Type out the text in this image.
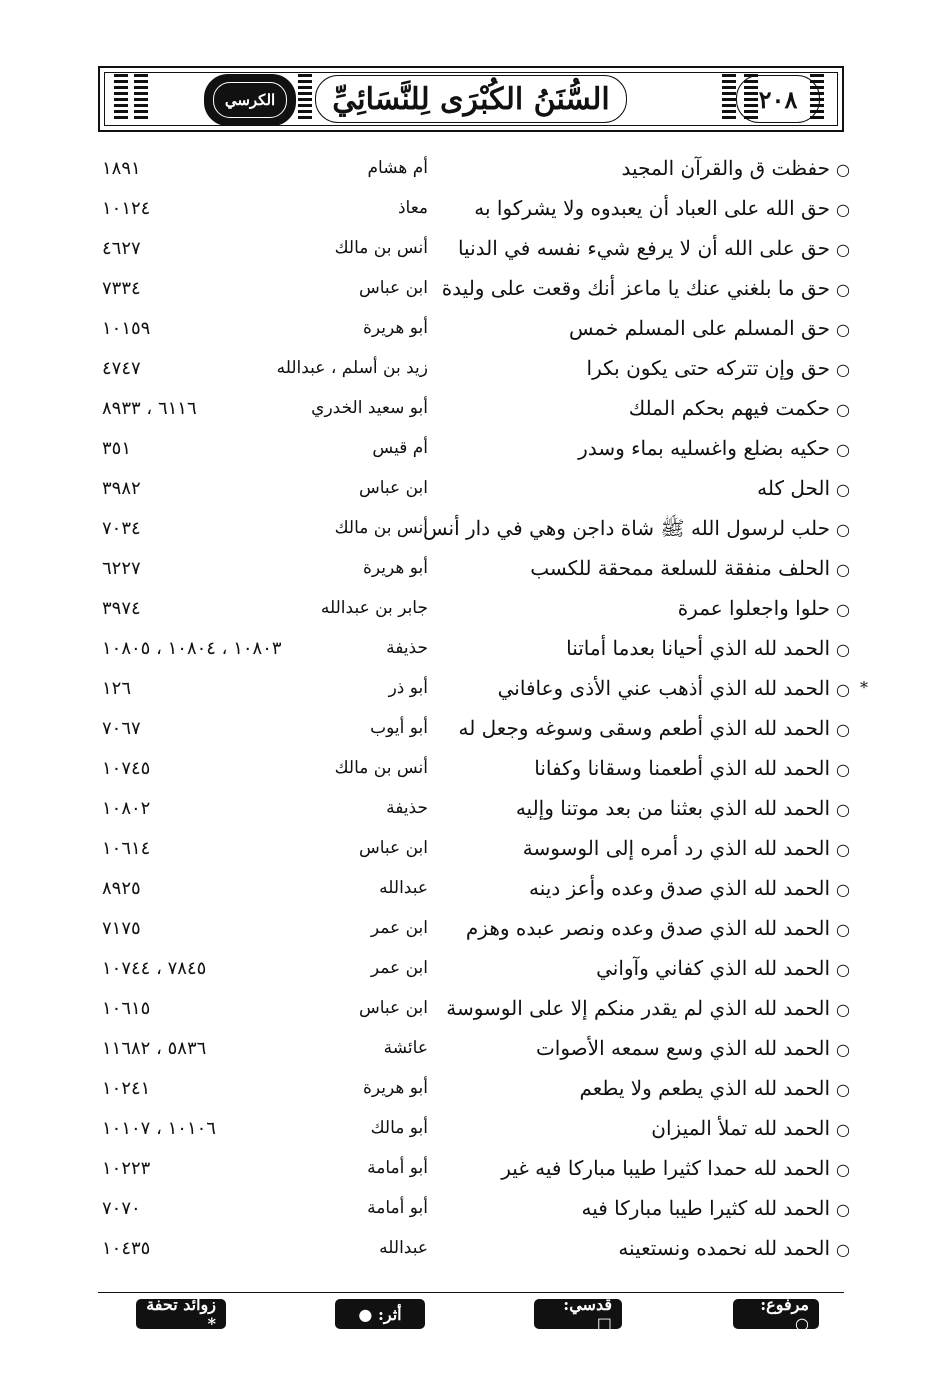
الكرسي	السُّنَنُ الكُبْرَى لِلنَّسَائِيِّ	٢٠٨
○حفظت ق والقرآن المجيد
أم هشام
١٨٩١
○حق الله على العباد أن يعبدوه ولا يشركوا به
معاذ
١٠١٢٤
○حق على الله أن لا يرفع شيء نفسه في الدنيا
أنس بن مالك
٤٦٢٧
○حق ما بلغني عنك يا ماعز أنك وقعت على وليدة
ابن عباس
٧٣٣٤
○حق المسلم على المسلم خمس
أبو هريرة
١٠١٥٩
○حق وإن تتركه حتى يكون بكرا
زيد بن أسلم ، عبدالله
٤٧٤٧
○حكمت فيهم بحكم الملك
أبو سعيد الخدري
٦١١٦ ، ٨٩٣٣
○حكيه بضلع واغسليه بماء وسدر
أم قيس
٣٥١
○الحل كله
ابن عباس
٣٩٨٢
○حلب لرسول الله ﷺ شاة داجن وهي في دار أنس
أنس بن مالك
٧٠٣٤
○الحلف منفقة للسلعة ممحقة للكسب
أبو هريرة
٦٢٢٧
○حلوا واجعلوا عمرة
جابر بن عبدالله
٣٩٧٤
○الحمد لله الذي أحيانا بعدما أماتنا
حذيفة
١٠٨٠٣ ، ١٠٨٠٤ ، ١٠٨٠٥
*
○الحمد لله الذي أذهب عني الأذى وعافاني
أبو ذر
١٢٦
○الحمد لله الذي أطعم وسقى وسوغه وجعل له
أبو أيوب
٧٠٦٧
○الحمد لله الذي أطعمنا وسقانا وكفانا
أنس بن مالك
١٠٧٤٥
○الحمد لله الذي بعثنا من بعد موتنا وإليه
حذيفة
١٠٨٠٢
○الحمد لله الذي رد أمره إلى الوسوسة
ابن عباس
١٠٦١٤
○الحمد لله الذي صدق وعده وأعز دينه
عبدالله
٨٩٢٥
○الحمد لله الذي صدق وعده ونصر عبده وهزم
ابن عمر
٧١٧٥
○الحمد لله الذي كفاني وآواني
ابن عمر
٧٨٤٥ ، ١٠٧٤٤
○الحمد لله الذي لم يقدر منكم إلا على الوسوسة
ابن عباس
١٠٦١٥
○الحمد لله الذي وسع سمعه الأصوات
عائشة
٥٨٣٦ ، ١١٦٨٢
○الحمد لله الذي يطعم ولا يطعم
أبو هريرة
١٠٢٤١
○الحمد لله تملأ الميزان
أبو مالك
١٠١٠٦ ، ١٠١٠٧
○الحمد لله حمدا كثيرا طيبا مباركا فيه غير
أبو أمامة
١٠٢٢٣
○الحمد لله كثيرا طيبا مباركا فيه
أبو أمامة
٧٠٧٠
○الحمد لله نحمده ونستعينه
عبدالله
١٠٤٣٥
مرفوع: ○
قدسي: □
أثر: ●
زوائد تحفة *
